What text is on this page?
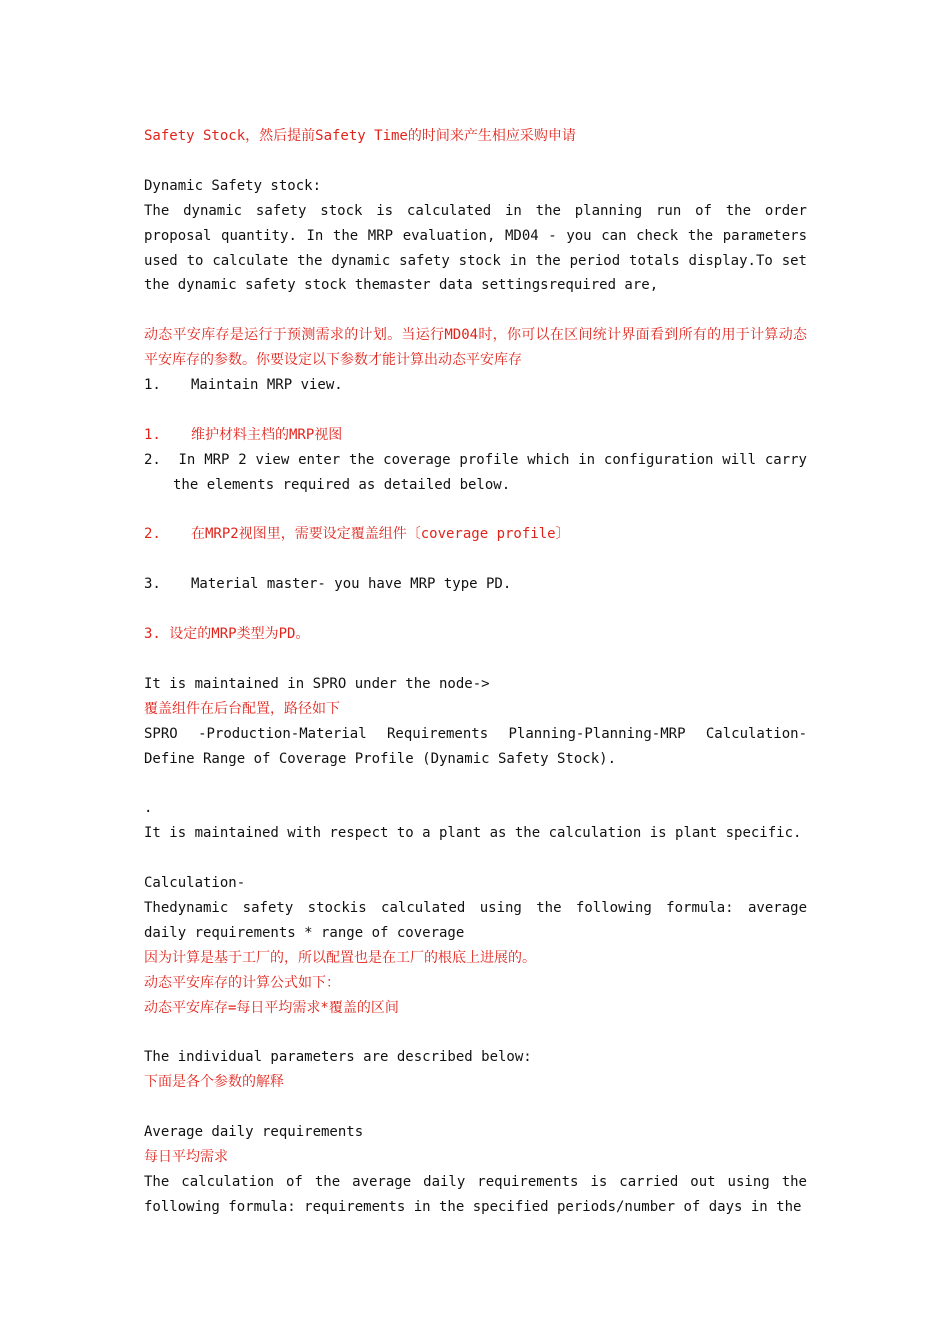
Safety Stock，然后提前Safety Time的时间来产生相应采购申请
Dynamic Safety stock:
The dynamic safety stock is calculated in the planning run of the order proposal quantity. In the MRP evaluation, MD04 - you can check the parameters used to calculate the dynamic safety stock in the period totals display.To set the dynamic safety stock themaster data settingsrequired are,
动态平安库存是运行于预测需求的计划。当运行MD04时，你可以在区间统计界面看到所有的用于计算动态平安库存的参数。你要设定以下参数才能计算出动态平安库存
1.	Maintain MRP view.
1.	维护材料主档的MRP视图
2.  In MRP 2 view enter the coverage profile which in configuration will carry the elements required as detailed below.
2.	在MRP2视图里，需要设定覆盖组件〔coverage profile〕
3.	Material master- you have MRP type PD.
3. 设定的MRP类型为PD。
It is maintained in SPRO under the node->
覆盖组件在后台配置，路径如下
SPRO -Production-Material Requirements Planning-Planning-MRP Calculation-Define Range of Coverage Profile (Dynamic Safety Stock).
.
It is maintained with respect to a plant as the calculation is plant specific.
Calculation-
Thedynamic safety stockis calculated using the following formula: average daily requirements * range of coverage
因为计算是基于工厂的，所以配置也是在工厂的根底上进展的。
动态平安库存的计算公式如下：
动态平安库存=每日平均需求*覆盖的区间
The individual parameters are described below:
下面是各个参数的解释
Average daily requirements
每日平均需求
The calculation of the average daily requirements is carried out using the following formula: requirements in the specified periods/number of days in the
